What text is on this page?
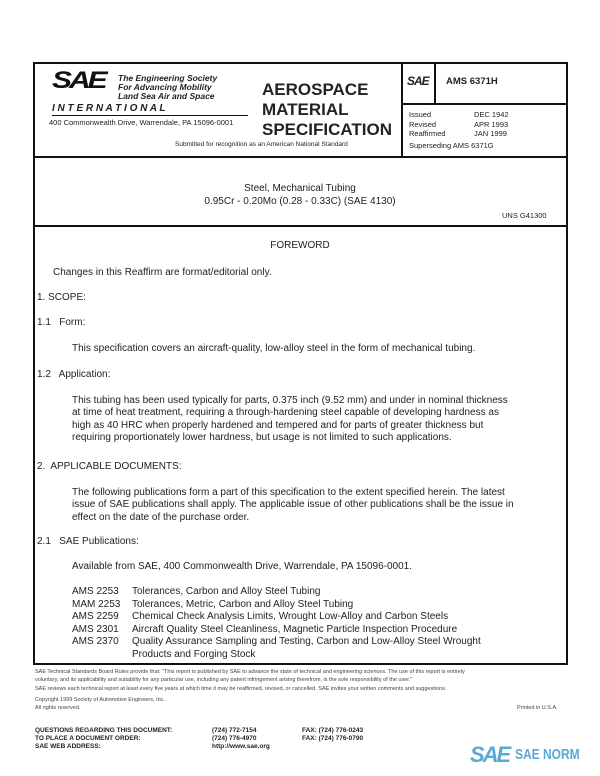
SAE The Engineering Society
For Advancing Mobility
Land Sea Air and Space
I N T E R N A T I O N A L
400 Commonwealth Drive, Warrendale, PA 15096-0001
AEROSPACE
MATERIAL
SPECIFICATION
Submitted for recognition as an American National Standard
SAE AMS 6371H
Issued
Revised
Reaffirmed
DEC 1942
APR 1993
JAN 1999
Superseding AMS 6371G
Steel, Mechanical Tubing
0.95Cr - 0.20Mo (0.28 - 0.33C) (SAE 4130)
UNS G41300
FOREWORD
Changes in this Reaffirm are format/editorial only.
1. SCOPE:
1.1   Form:
This specification covers an aircraft-quality, low-alloy steel in the form of mechanical tubing.
1.2   Application:
This tubing has been used typically for parts, 0.375 inch (9.52 mm) and under in nominal thickness
at time of heat treatment, requiring a through-hardening steel capable of developing hardness as
high as 40 HRC when properly hardened and tempered and for parts of greater thickness but
requiring proportionately lower hardness, but usage is not limited to such applications.
2.  APPLICABLE DOCUMENTS:
The following publications form a part of this specification to the extent specified herein. The latest
issue of SAE publications shall apply. The applicable issue of other publications shall be the issue in
effect on the date of the purchase order.
2.1   SAE Publications:
Available from SAE, 400 Commonwealth Drive, Warrendale, PA 15096-0001.
AMS 2253 Tolerances, Carbon and Alloy Steel Tubing
MAM 2253 Tolerances, Metric, Carbon and Alloy Steel Tubing
AMS 2259 Chemical Check Analysis Limits, Wrought Low-Alloy and Carbon Steels
AMS 2301 Aircraft Quality Steel Cleanliness, Magnetic Particle Inspection Procedure
AMS 2370 Quality Assurance Sampling and Testing, Carbon and Low-Alloy Steel Wrought
Products and Forging Stock
SAE Technical Standards Board Rules provide that: "This report is published by SAE to advance the state of technical and engineering sciences. The use of this report is entirely
voluntary, and its applicability and suitability for any particular use, including any patent infringement arising therefrom, is the sole responsibility of the user."
SAE reviews each technical report at least every five years at which time it may be reaffirmed, revised, or cancelled. SAE invites your written comments and suggestions.
Copyright 1999 Society of Automotive Engineers, Inc.
All rights reserved.	Printed in U.S.A.
QUESTIONS REGARDING THIS DOCUMENT:
TO PLACE A DOCUMENT ORDER:
SAE WEB ADDRESS:
(724) 772-7154
(724) 776-4970
http://www.sae.org
FAX: (724) 776-0243
FAX: (724) 776-0790
SAE SAE NORM
